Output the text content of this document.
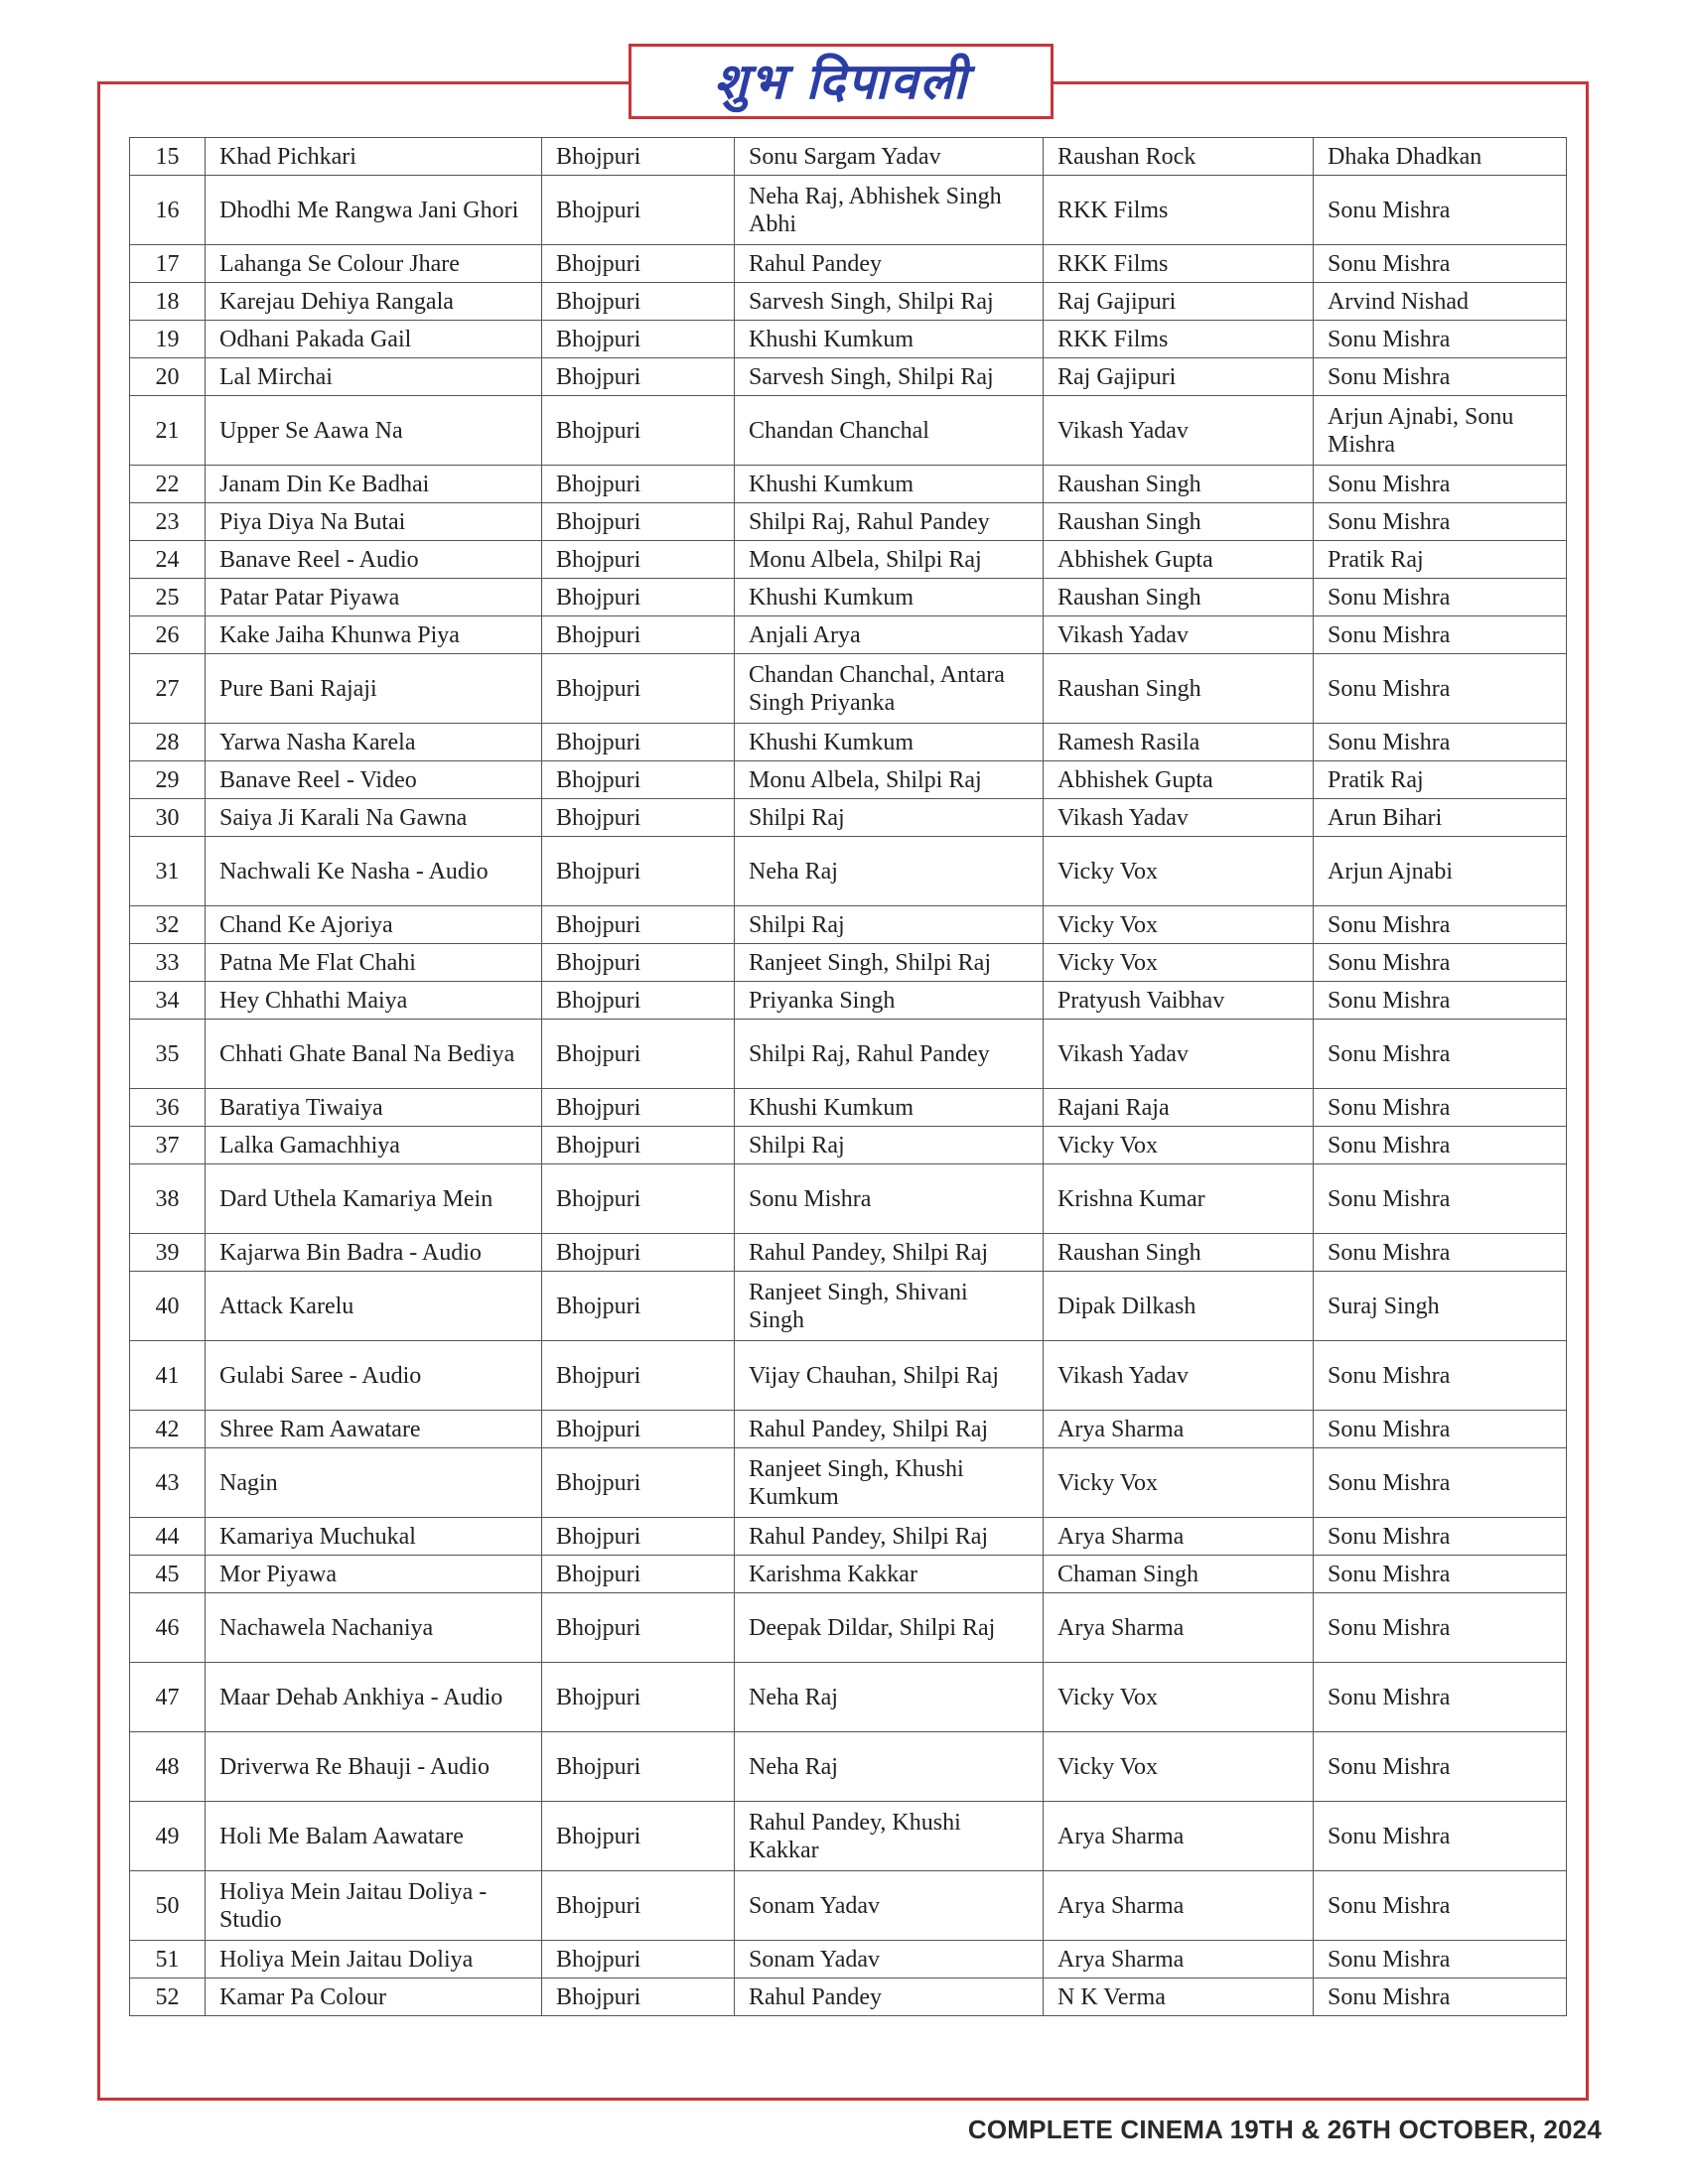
शुभ दिपावली
15	Khad Pichkari	Bhojpuri	Sonu Sargam Yadav	Raushan Rock	Dhaka Dhadkan
16	Dhodhi Me Rangwa Jani Ghori	Bhojpuri	Neha Raj, Abhishek Singh Abhi	RKK Films	Sonu Mishra
17	Lahanga Se Colour Jhare	Bhojpuri	Rahul Pandey	RKK Films	Sonu Mishra
18	Karejau Dehiya Rangala	Bhojpuri	Sarvesh Singh, Shilpi Raj	Raj Gajipuri	Arvind Nishad
19	Odhani Pakada Gail	Bhojpuri	Khushi Kumkum	RKK Films	Sonu Mishra
20	Lal Mirchai	Bhojpuri	Sarvesh Singh, Shilpi Raj	Raj Gajipuri	Sonu Mishra
21	Upper Se Aawa Na	Bhojpuri	Chandan Chanchal	Vikash Yadav	Arjun Ajnabi, Sonu Mishra
22	Janam Din Ke Badhai	Bhojpuri	Khushi Kumkum	Raushan Singh	Sonu Mishra
23	Piya Diya Na Butai	Bhojpuri	Shilpi Raj, Rahul Pandey	Raushan Singh	Sonu Mishra
24	Banave Reel - Audio	Bhojpuri	Monu Albela, Shilpi Raj	Abhishek Gupta	Pratik Raj
25	Patar Patar Piyawa	Bhojpuri	Khushi Kumkum	Raushan Singh	Sonu Mishra
26	Kake Jaiha Khunwa Piya	Bhojpuri	Anjali Arya	Vikash Yadav	Sonu Mishra
27	Pure Bani Rajaji	Bhojpuri	Chandan Chanchal, Antara Singh Priyanka	Raushan Singh	Sonu Mishra
28	Yarwa Nasha Karela	Bhojpuri	Khushi Kumkum	Ramesh Rasila	Sonu Mishra
29	Banave Reel - Video	Bhojpuri	Monu Albela, Shilpi Raj	Abhishek Gupta	Pratik Raj
30	Saiya Ji Karali Na Gawna	Bhojpuri	Shilpi Raj	Vikash Yadav	Arun Bihari
31	Nachwali Ke Nasha - Audio	Bhojpuri	Neha Raj	Vicky Vox	Arjun Ajnabi
32	Chand Ke Ajoriya	Bhojpuri	Shilpi Raj	Vicky Vox	Sonu Mishra
33	Patna Me Flat Chahi	Bhojpuri	Ranjeet Singh, Shilpi Raj	Vicky Vox	Sonu Mishra
34	Hey Chhathi Maiya	Bhojpuri	Priyanka Singh	Pratyush Vaibhav	Sonu Mishra
35	Chhati Ghate Banal Na Bediya	Bhojpuri	Shilpi Raj, Rahul Pandey	Vikash Yadav	Sonu Mishra
36	Baratiya Tiwaiya	Bhojpuri	Khushi Kumkum	Rajani Raja	Sonu Mishra
37	Lalka Gamachhiya	Bhojpuri	Shilpi Raj	Vicky Vox	Sonu Mishra
38	Dard Uthela Kamariya Mein	Bhojpuri	Sonu Mishra	Krishna Kumar	Sonu Mishra
39	Kajarwa Bin Badra - Audio	Bhojpuri	Rahul Pandey, Shilpi Raj	Raushan Singh	Sonu Mishra
40	Attack Karelu	Bhojpuri	Ranjeet Singh, Shivani Singh	Dipak Dilkash	Suraj Singh
41	Gulabi Saree - Audio	Bhojpuri	Vijay Chauhan, Shilpi Raj	Vikash Yadav	Sonu Mishra
42	Shree Ram Aawatare	Bhojpuri	Rahul Pandey, Shilpi Raj	Arya Sharma	Sonu Mishra
43	Nagin	Bhojpuri	Ranjeet Singh, Khushi Kumkum	Vicky Vox	Sonu Mishra
44	Kamariya Muchukal	Bhojpuri	Rahul Pandey, Shilpi Raj	Arya Sharma	Sonu Mishra
45	Mor Piyawa	Bhojpuri	Karishma Kakkar	Chaman Singh	Sonu Mishra
46	Nachawela Nachaniya	Bhojpuri	Deepak Dildar, Shilpi Raj	Arya Sharma	Sonu Mishra
47	Maar Dehab Ankhiya - Audio	Bhojpuri	Neha Raj	Vicky Vox	Sonu Mishra
48	Driverwa Re Bhauji - Audio	Bhojpuri	Neha Raj	Vicky Vox	Sonu Mishra
49	Holi Me Balam Aawatare	Bhojpuri	Rahul Pandey, Khushi Kakkar	Arya Sharma	Sonu Mishra
50	Holiya Mein Jaitau Doliya - Studio	Bhojpuri	Sonam Yadav	Arya Sharma	Sonu Mishra
51	Holiya Mein Jaitau Doliya	Bhojpuri	Sonam Yadav	Arya Sharma	Sonu Mishra
52	Kamar Pa Colour	Bhojpuri	Rahul Pandey	N K Verma	Sonu Mishra
COMPLETE CINEMA 19TH & 26TH OCTOBER, 2024
